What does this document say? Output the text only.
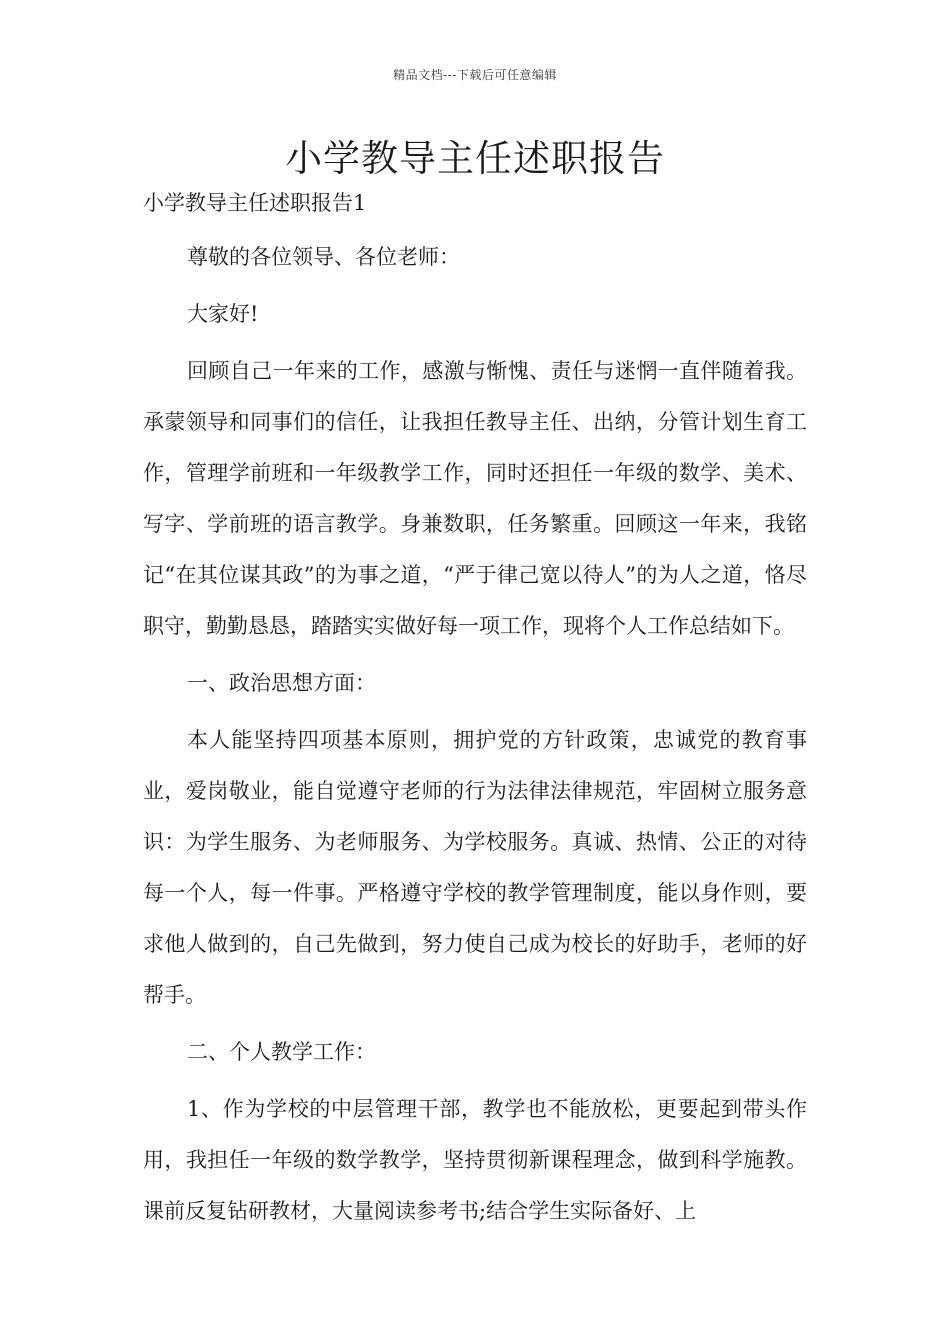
精品文档---下载后可任意编辑
小学教导主任述职报告

小学教导主任述职报告1

尊敬的各位领导、各位老师：

大家好!

回顾自己一年来的工作，感激与惭愧、责任与迷惘一直伴随着我。承蒙领导和同事们的信任，让我担任教导主任、出纳，分管计划生育工作，管理学前班和一年级教学工作，同时还担任一年级的数学、美术、写字、学前班的语言教学。身兼数职，任务繁重。回顾这一年来，我铭记“在其位谋其政”的为事之道，“严于律己宽以待人”的为人之道，恪尽职守，勤勤恳恳，踏踏实实做好每一项工作，现将个人工作总结如下。

一、政治思想方面：

本人能坚持四项基本原则，拥护党的方针政策，忠诚党的教育事业，爱岗敬业，能自觉遵守老师的行为法律法律规范，牢固树立服务意识：为学生服务、为老师服务、为学校服务。真诚、热情、公正的对待每一个人，每一件事。严格遵守学校的教学管理制度，能以身作则，要求他人做到的，自己先做到，努力使自己成为校长的好助手，老师的好帮手。

二、个人教学工作：

1、作为学校的中层管理干部，教学也不能放松，更要起到带头作用，我担任一年级的数学教学，坚持贯彻新课程理念，做到科学施教。课前反复钻研教材，大量阅读参考书;结合学生实际备好、上
